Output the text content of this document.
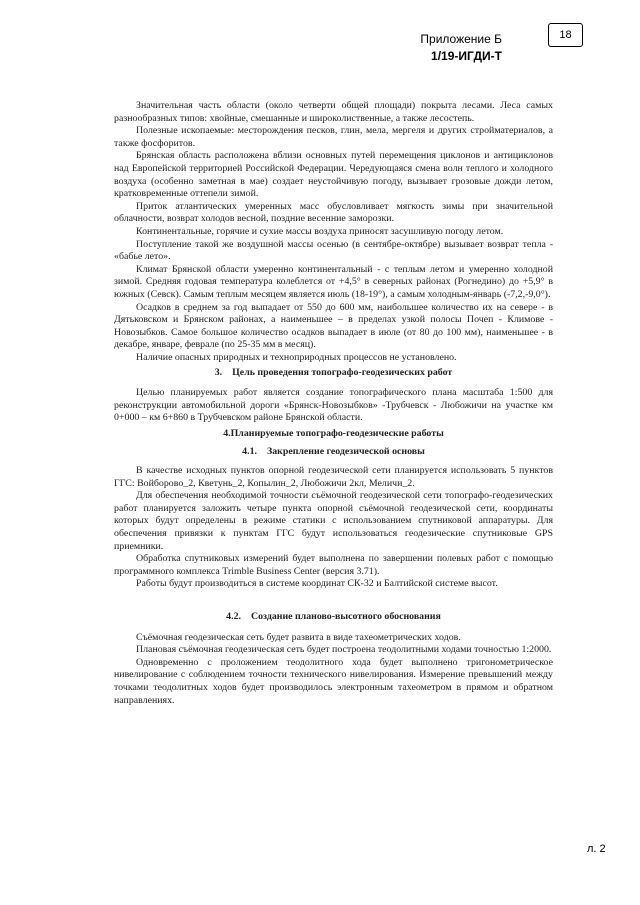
Приложение Б
1/19-ИГДИ-Т
18

Значительная часть области (около четверти общей площади) покрыта лесами. Леса самых разнообразных типов: хвойные, смешанные и широколиственные, а также лесостепь.

Полезные ископаемые: месторождения песков, глин, мела, мергеля и других стройматериалов, а также фосфоритов.

Брянская область расположена вблизи основных путей перемещения циклонов и антициклонов над Европейской территорией Российской Федерации. Чередующаяся смена волн теплого и холодного воздуха (особенно заметная в мае) создает неустойчивую погоду, вызывает грозовые дожди летом, кратковременные оттепели зимой.

Приток атлантических умеренных масс обусловливает мягкость зимы при значительной облачности, возврат холодов весной, поздние весенние заморозки.

Континентальные, горячие и сухие массы воздуха приносят засушливую погоду летом.

Поступление такой же воздушной массы осенью (в сентябре-октябре) вызывает возврат тепла - «бабье лето».

Климат Брянской области умеренно континентальный - с теплым летом и умеренно холодной зимой. Средняя годовая температура колеблется от +4,5° в северных районах (Рогнедино) до +5,9° в южных (Севск). Самым теплым месяцем является июль (18-19°), а самым холодным-январь (-7,2,-9,0°).

Осадков в среднем за год выпадает от 550 до 600 мм, наибольшее количество их на севере - в Дятьковском и Брянском районах, а наименьшее – в пределах узкой полосы Почеп - Климове - Новозыбков. Самое большое количество осадков выпадает в июле (от 80 до 100 мм), наименьшее - в декабре, январе, феврале (по 25-35 мм в месяц).

Наличие опасных природных и техноприродных процессов не установлено.

3. Цель проведения топографо-геодезических работ

Целью планируемых работ является создание топографического плана масштаба 1:500 для реконструкции автомобильной дороги «Брянск-Новозыбков» -Трубчевск - Любожичи на участке км 0+000 – км 6+860 в Трубчевском районе Брянской области.

4.Планируемые топографо-геодезические работы
4.1. Закрепление геодезической основы

В качестве исходных пунктов опорной геодезической сети планируется использовать 5 пунктов ГГС: Войборово_2, Кветунь_2, Копылин_2, Любожичи 2кл, Меличи_2.

Для обеспечения необходимой точности съёмочной геодезической сети топографо-геодезических работ планируется заложить четыре пункта опорной съёмочной геодезической сети, координаты которых будут определены в режиме статики с использованием спутниковой аппаратуры. Для обеспечения привязки к пунктам ГГС будут использоваться геодезические спутниковые GPS приемники.

Обработка спутниковых измерений будет выполнена по завершении полевых работ с помощью программного комплекса Trimble Business Center (версия 3.71).

Работы будут производиться в системе координат СК-32 и Балтийской системе высот.

4.2. Создание планово-высотного обоснования

Съёмочная геодезическая сеть будет развита в виде тахеометрических ходов.

Плановая съёмочная геодезическая сеть будет построена теодолитными ходами точностью 1:2000.

Одновременно с проложением теодолитного хода будет выполнено тригонометрическое нивелирование с соблюдением точности технического нивелирования. Измерение превышений между точками теодолитных ходов будет производилось электронным тахеометром в прямом и обратном направлениях.

л. 2
